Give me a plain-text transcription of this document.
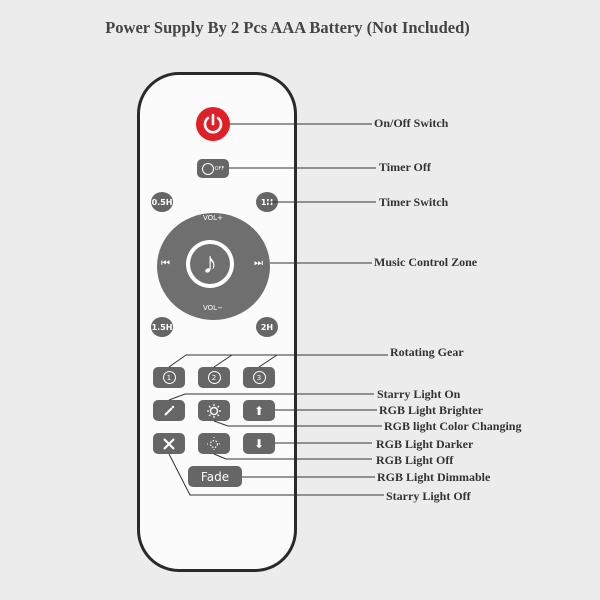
Power Supply By 2 Pcs AAA Battery (Not Included)
OFF
0.5H	1H
1.5H	2H
VOL+
VOL−
⏮	⏭
♪
1	2	3
⬆
⬇
Fade
On/Off Switch
Timer Off
Timer Switch
Music Control Zone
Rotating Gear
Starry Light On
RGB Light Brighter
RGB light Color Changing
RGB Light Darker
RGB Light Off
RGB Light Dimmable
Starry Light Off
